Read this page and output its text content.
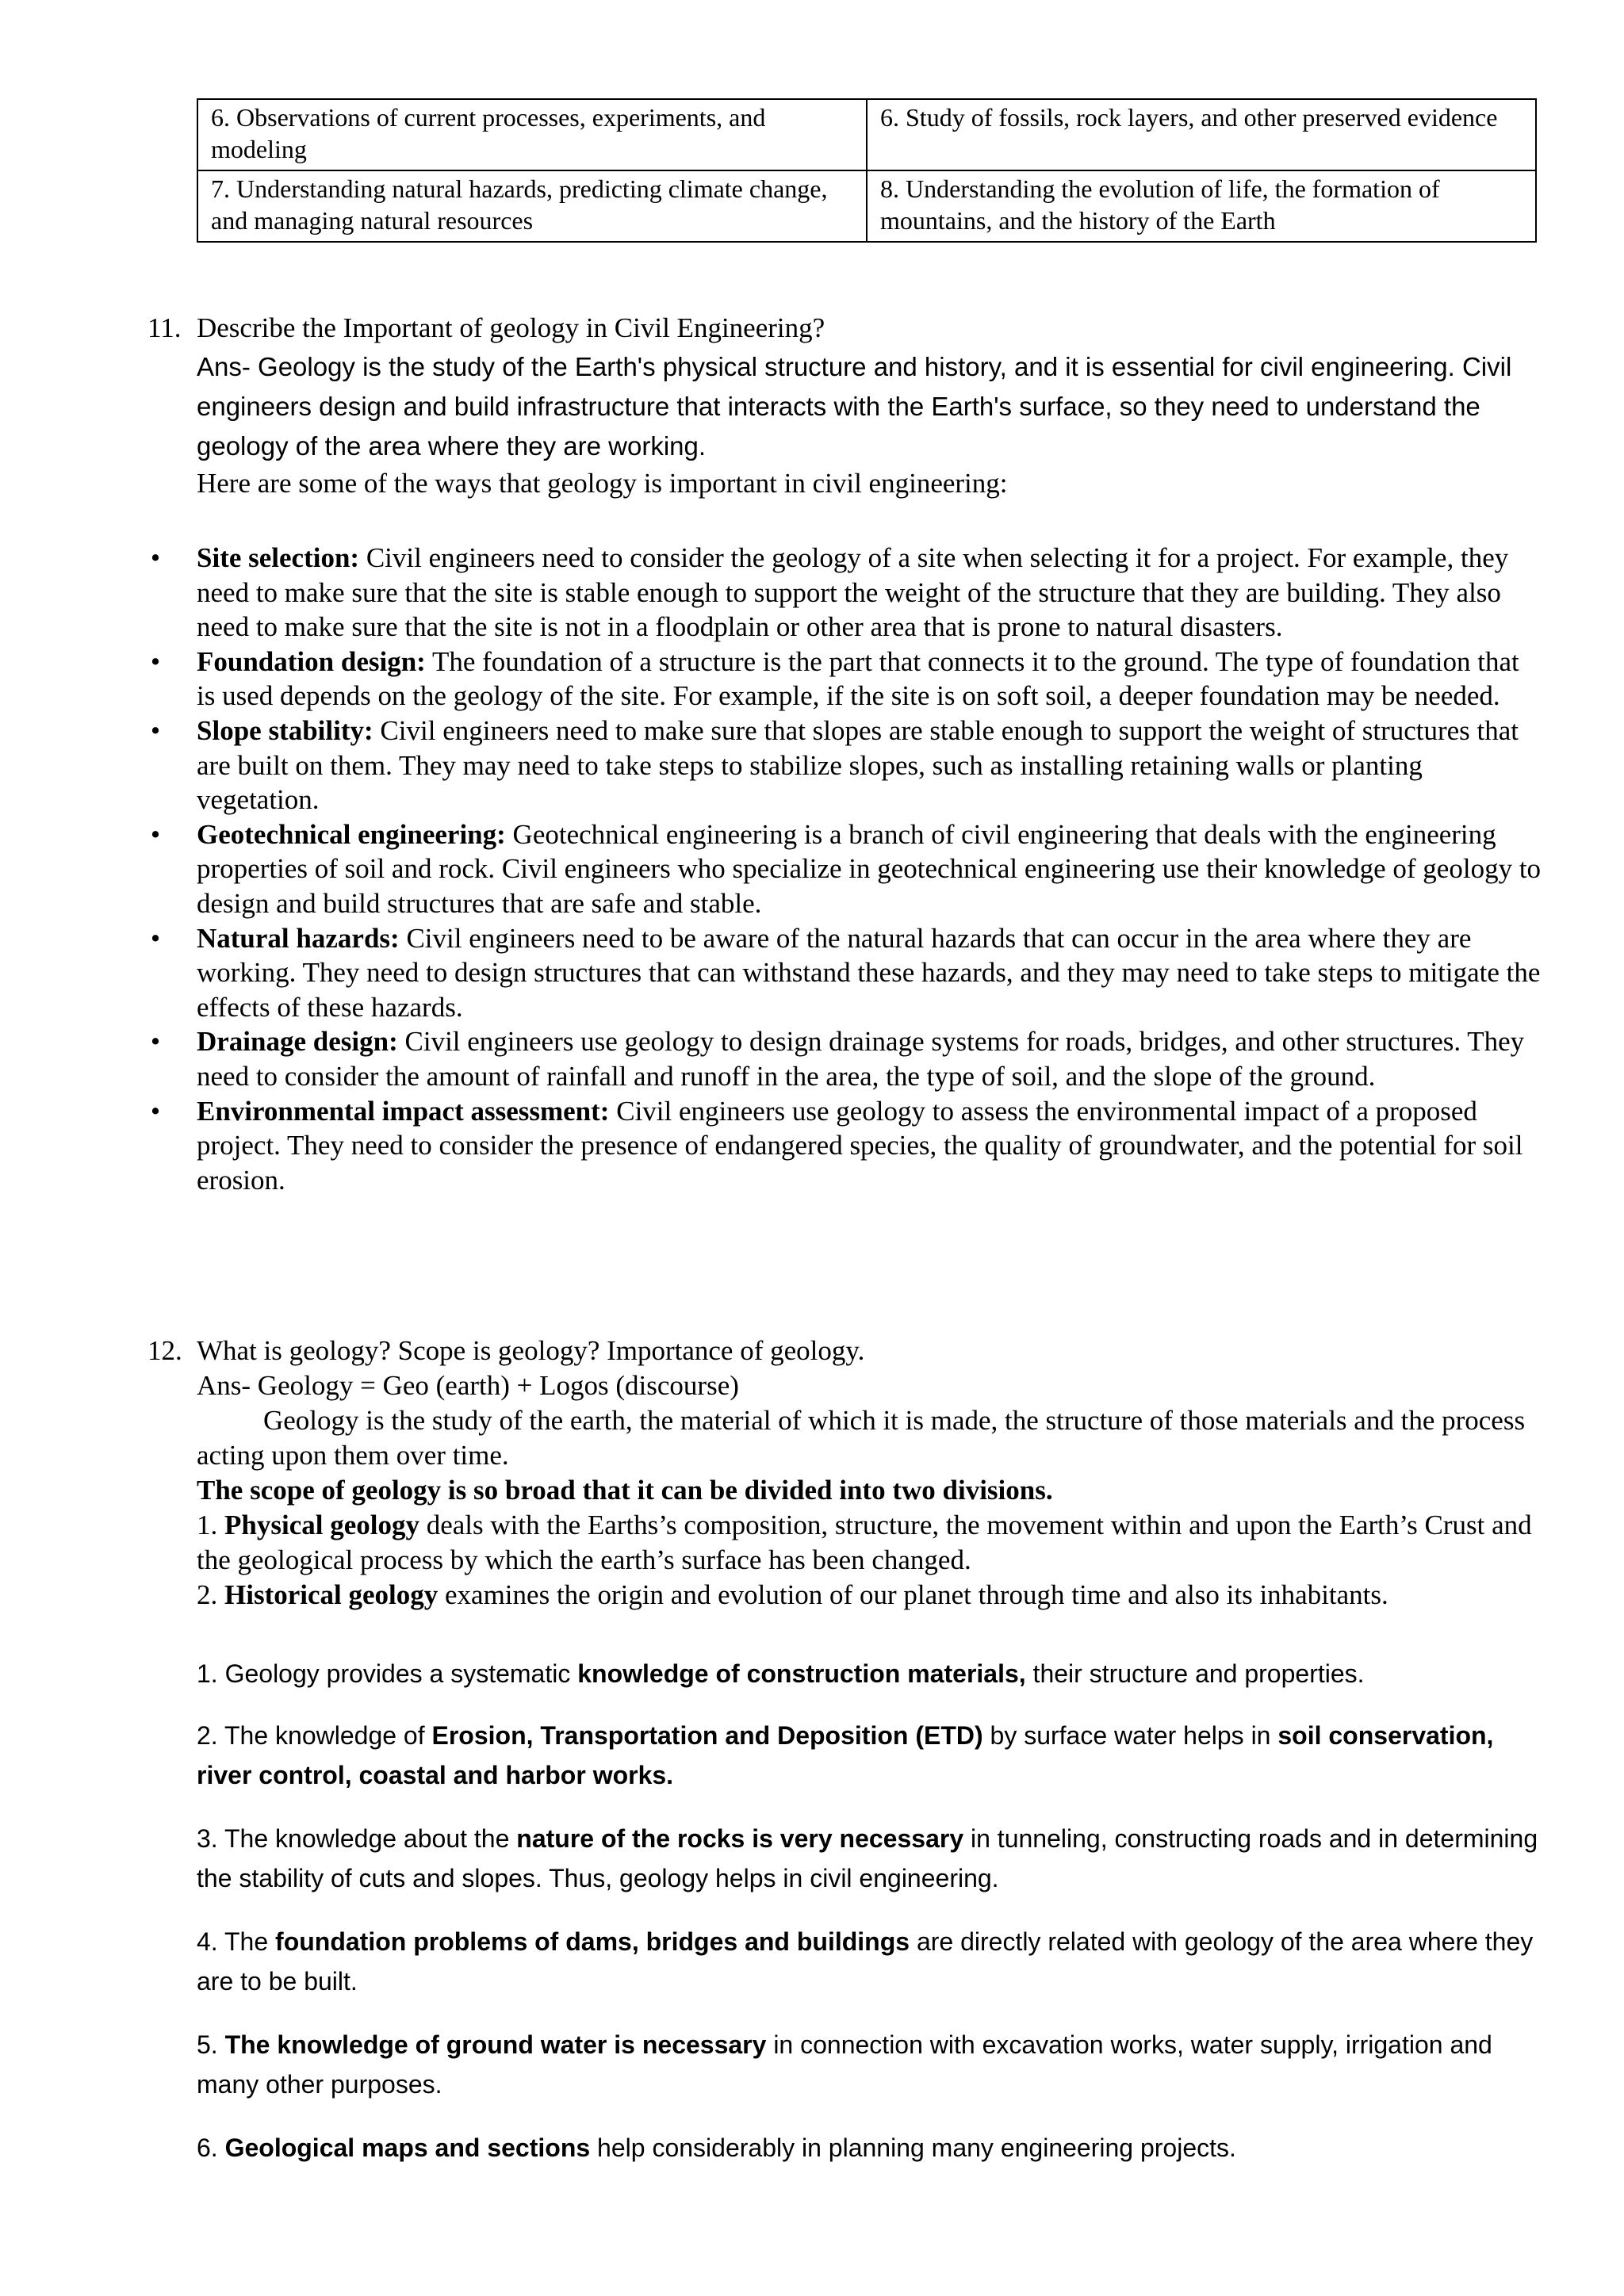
6. Observations of current processes, experiments, and modeling	6. Study of fossils, rock layers, and other preserved evidence
7. Understanding natural hazards, predicting climate change, and managing natural resources	8. Understanding the evolution of life, the formation of mountains, and the history of the Earth
11. Describe the Important of geology in Civil Engineering?
Ans- Geology is the study of the Earth's physical structure and history, and it is essential for civil engineering. Civil engineers design and build infrastructure that interacts with the Earth's surface, so they need to understand the geology of the area where they are working.
Here are some of the ways that geology is important in civil engineering:
• Site selection: Civil engineers need to consider the geology of a site when selecting it for a project. For example, they need to make sure that the site is stable enough to support the weight of the structure that they are building. They also need to make sure that the site is not in a floodplain or other area that is prone to natural disasters.
• Foundation design: The foundation of a structure is the part that connects it to the ground. The type of foundation that is used depends on the geology of the site. For example, if the site is on soft soil, a deeper foundation may be needed.
• Slope stability: Civil engineers need to make sure that slopes are stable enough to support the weight of structures that are built on them. They may need to take steps to stabilize slopes, such as installing retaining walls or planting vegetation.
• Geotechnical engineering: Geotechnical engineering is a branch of civil engineering that deals with the engineering properties of soil and rock. Civil engineers who specialize in geotechnical engineering use their knowledge of geology to design and build structures that are safe and stable.
• Natural hazards: Civil engineers need to be aware of the natural hazards that can occur in the area where they are working. They need to design structures that can withstand these hazards, and they may need to take steps to mitigate the effects of these hazards.
• Drainage design: Civil engineers use geology to design drainage systems for roads, bridges, and other structures. They need to consider the amount of rainfall and runoff in the area, the type of soil, and the slope of the ground.
• Environmental impact assessment: Civil engineers use geology to assess the environmental impact of a proposed project. They need to consider the presence of endangered species, the quality of groundwater, and the potential for soil erosion.
12. What is geology? Scope is geology? Importance of geology.
Ans- Geology = Geo (earth) + Logos (discourse)
Geology is the study of the earth, the material of which it is made, the structure of those materials and the process acting upon them over time.
The scope of geology is so broad that it can be divided into two divisions.
1. Physical geology deals with the Earths’s composition, structure, the movement within and upon the Earth’s Crust and the geological process by which the earth’s surface has been changed.
2. Historical geology examines the origin and evolution of our planet through time and also its inhabitants.
1. Geology provides a systematic knowledge of construction materials, their structure and properties.
2. The knowledge of Erosion, Transportation and Deposition (ETD) by surface water helps in soil conservation, river control, coastal and harbor works.
3. The knowledge about the nature of the rocks is very necessary in tunneling, constructing roads and in determining the stability of cuts and slopes. Thus, geology helps in civil engineering.
4. The foundation problems of dams, bridges and buildings are directly related with geology of the area where they are to be built.
5. The knowledge of ground water is necessary in connection with excavation works, water supply, irrigation and many other purposes.
6. Geological maps and sections help considerably in planning many engineering projects.
